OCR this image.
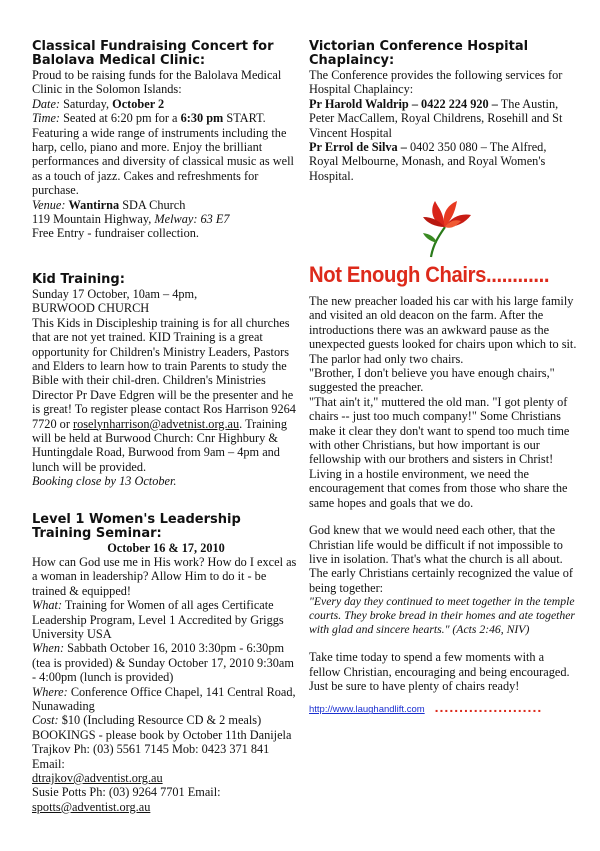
Classical Fundraising Concert for Balolava Medical Clinic:

Proud to be raising funds for the Balolava Medical Clinic in the Solomon Islands:

Date: Saturday, October 2

Time: Seated at 6:20 pm for a 6:30 pm START. Featuring a wide range of instruments including the harp, cello, piano and more. Enjoy the brilliant performances and diversity of classical music as well as a touch of jazz. Cakes and refreshments for purchase.

Venue: Wantirna SDA Church

119 Mountain Highway, Melway: 63 E7

Free Entry - fundraiser collection.

Kid Training:

Sunday 17 October, 10am – 4pm,

BURWOOD CHURCH

This Kids in Discipleship training is for all churches that are not yet trained. KID Training is a great opportunity for Children's Ministry Leaders, Pastors and Elders to learn how to train Parents to study the Bible with their chil-dren. Children's Ministries Director Pr Dave Edgren will be the presenter and he is great! To register please contact Ros Harrison 9264 7720 or roselynharrison@advetnist.org.au. Training will be held at Burwood Church: Cnr Highbury & Huntingdale Road, Burwood from 9am – 4pm and lunch will be provided.

Booking close by 13 October.

Level 1 Women's Leadership Training Seminar:

October 16 & 17, 2010

How can God use me in His work? How do I excel as a woman in leadership? Allow Him to do it - be trained & equipped!

What: Training for Women of all ages Certificate Leadership Program, Level 1 Accredited by Griggs University USA

When: Sabbath October 16, 2010 3:30pm - 6:30pm (tea is provided) & Sunday October 17, 2010 9:30am - 4:00pm (lunch is provided)

Where: Conference Office Chapel, 141 Central Road, Nunawading

Cost: $10 (Including Resource CD & 2 meals)

BOOKINGS - please book by October 11th Danijela Trajkov Ph: (03) 5561 7145 Mob: 0423 371 841 Email:

dtrajkov@adventist.org.au

Susie Potts Ph: (03) 9264 7701 Email:

spotts@adventist.org.au

Victorian Conference Hospital Chaplaincy:

The Conference provides the following services for Hospital Chaplaincy:

Pr Harold Waldrip – 0422 224 920 – The Austin, Peter MacCallem, Royal Childrens, Rosehill and St Vincent Hospital

Pr Errol de Silva – 0402 350 080 – The Alfred, Royal Melbourne, Monash, and Royal Women's Hospital.

Not Enough Chairs............

The new preacher loaded his car with his large family and visited an old deacon on the farm. After the introductions there was an awkward pause as the unexpected guests looked for chairs upon which to sit. The parlor had only two chairs.

"Brother, I don't believe you have enough chairs," suggested the preacher.

"That ain't it," muttered the old man. "I got plenty of chairs -- just too much company!" Some Christians make it clear they don't want to spend too much time with other Christians, but how important is our fellowship with our brothers and sisters in Christ! Living in a hostile environment, we need the encouragement that comes from those who share the same hopes and goals that we do.

God knew that we would need each other, that the Christian life would be difficult if not impossible to live in isolation. That's what the church is all about. The early Christians certainly recognized the value of being together:

"Every day they continued to meet together in the temple courts. They broke bread in their homes and ate together with glad and sincere hearts." (Acts 2:46, NIV)

Take time today to spend a few moments with a fellow Christian, encouraging and being encouraged. Just be sure to have plenty of chairs ready!

http://www.laughandlift.com ......................
